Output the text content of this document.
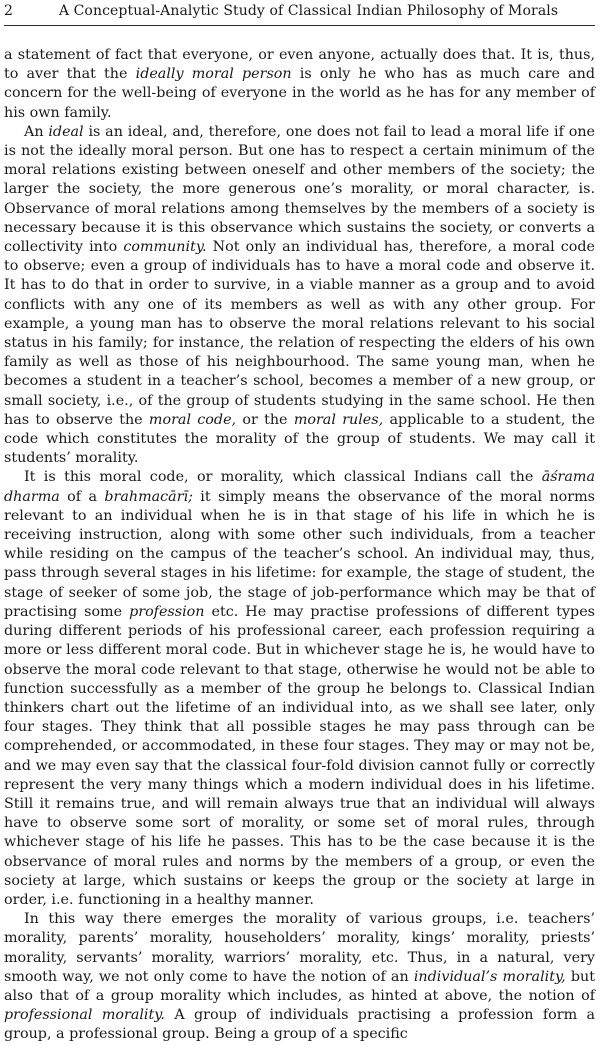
2	A Conceptual-Analytic Study of Classical Indian Philosophy of Morals

a statement of fact that everyone, or even anyone, actually does that. It is, thus, to aver that the ideally moral person is only he who has as much care and concern for the well-being of everyone in the world as he has for any member of his own family.

An ideal is an ideal, and, therefore, one does not fail to lead a moral life if one is not the ideally moral person. But one has to respect a certain minimum of the moral relations existing between oneself and other members of the society; the larger the society, the more generous one’s morality, or moral character, is. Observance of moral relations among themselves by the members of a society is necessary because it is this observance which sustains the society, or converts a collectivity into community. Not only an individual has, therefore, a moral code to observe; even a group of individuals has to have a moral code and observe it. It has to do that in order to survive, in a viable manner as a group and to avoid conflicts with any one of its members as well as with any other group. For example, a young man has to observe the moral relations relevant to his social status in his family; for instance, the relation of respecting the elders of his own family as well as those of his neighbourhood. The same young man, when he becomes a student in a teacher’s school, becomes a member of a new group, or small society, i.e., of the group of students studying in the same school. He then has to observe the moral code, or the moral rules, applicable to a student, the code which constitutes the morality of the group of students. We may call it students’ morality.

It is this moral code, or morality, which classical Indians call the āśrama dharma of a brahmacārī; it simply means the observance of the moral norms relevant to an individual when he is in that stage of his life in which he is receiving instruction, along with some other such individuals, from a teacher while residing on the campus of the teacher’s school. An individual may, thus, pass through several stages in his lifetime: for example, the stage of student, the stage of seeker of some job, the stage of job-performance which may be that of practising some profession etc. He may practise professions of different types during different periods of his professional career, each profession requiring a more or less different moral code. But in whichever stage he is, he would have to observe the moral code relevant to that stage, otherwise he would not be able to function successfully as a member of the group he belongs to. Classical Indian thinkers chart out the lifetime of an individual into, as we shall see later, only four stages. They think that all possible stages he may pass through can be comprehended, or accommodated, in these four stages. They may or may not be, and we may even say that the classical four-fold division cannot fully or correctly represent the very many things which a modern individual does in his lifetime. Still it remains true, and will remain always true that an individual will always have to observe some sort of morality, or some set of moral rules, through whichever stage of his life he passes. This has to be the case because it is the observance of moral rules and norms by the members of a group, or even the society at large, which sustains or keeps the group or the society at large in order, i.e. functioning in a healthy manner.

In this way there emerges the morality of various groups, i.e. teachers’ morality, parents’ morality, householders’ morality, kings’ morality, priests’ morality, servants’ morality, warriors’ morality, etc. Thus, in a natural, very smooth way, we not only come to have the notion of an individual’s morality, but also that of a group morality which includes, as hinted at above, the notion of professional morality. A group of individuals practising a profession form a group, a professional group. Being a group of a specific
